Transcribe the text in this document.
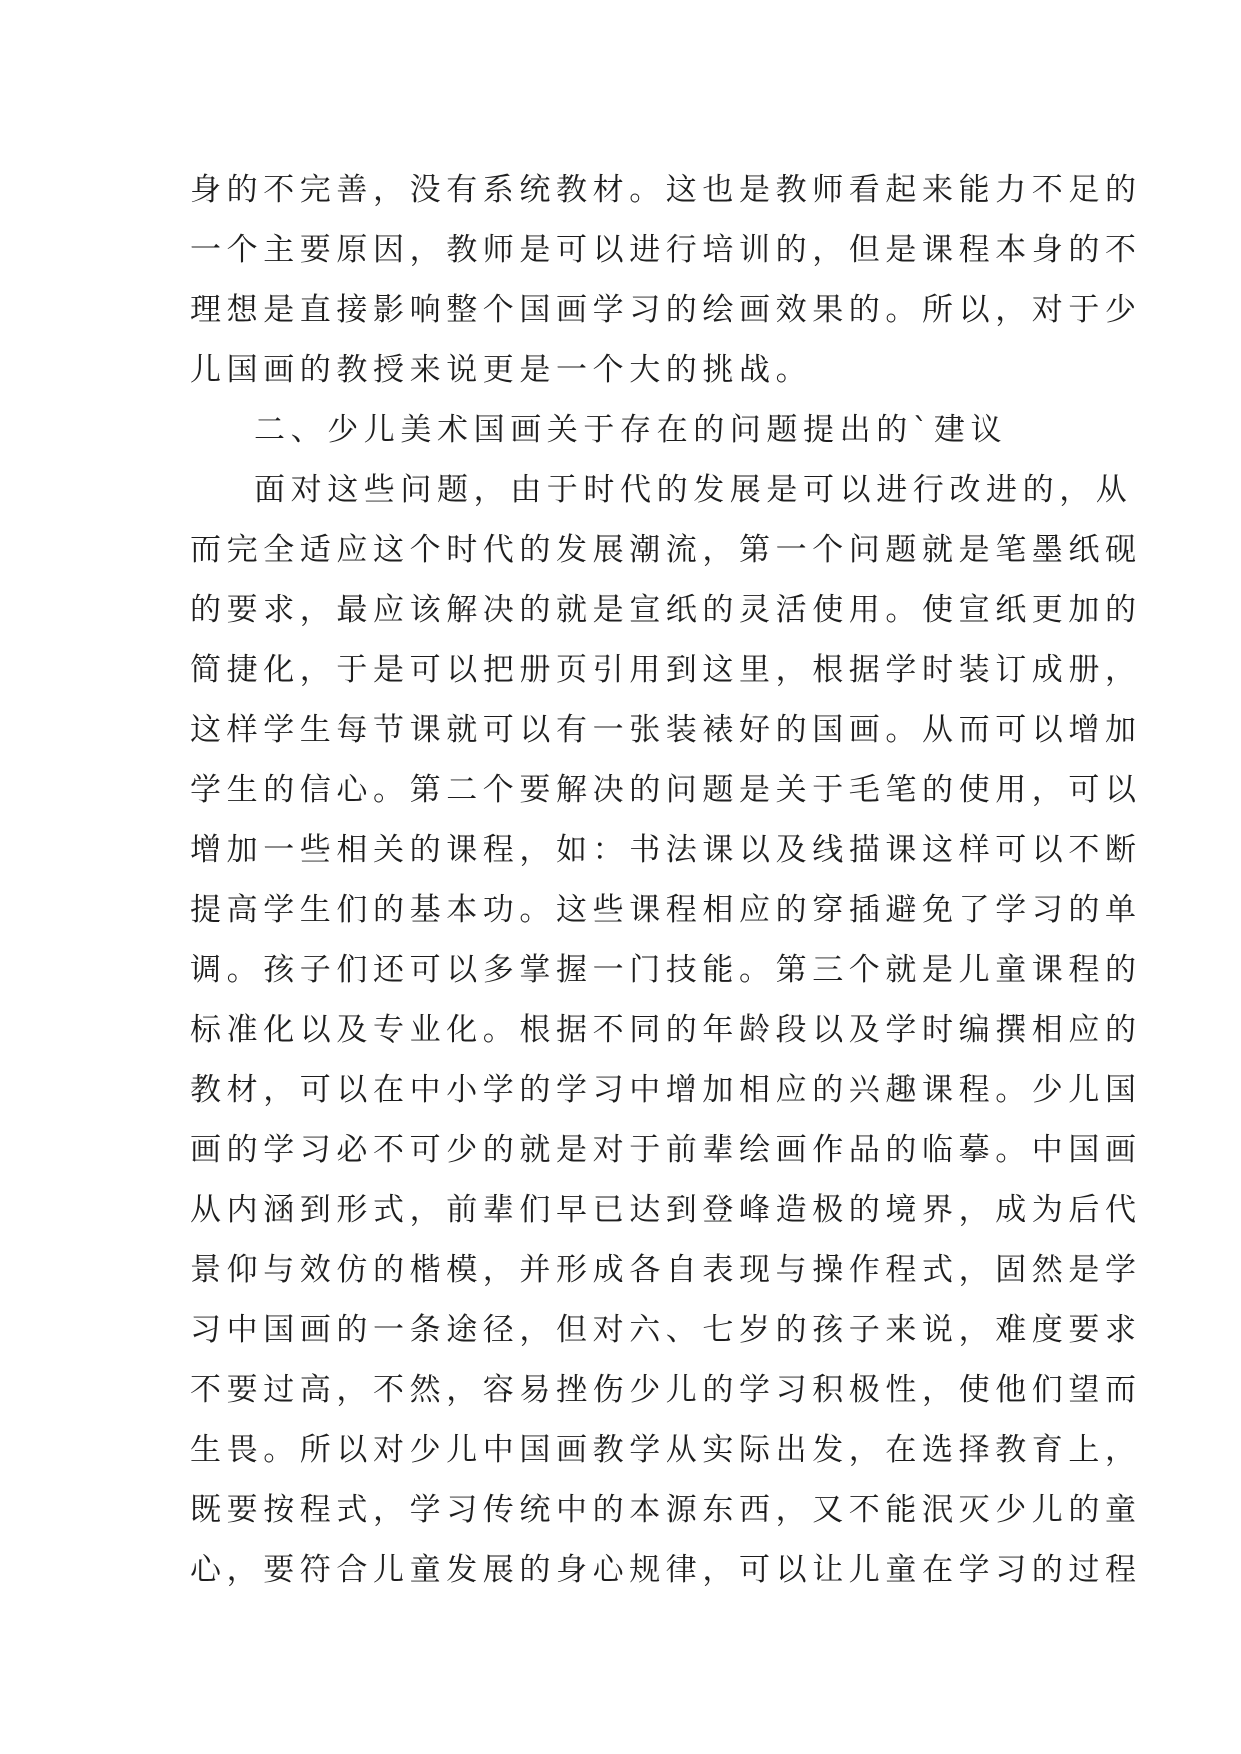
身的不完善，没有系统教材。这也是教师看起来能力不足的
一个主要原因，教师是可以进行培训的，但是课程本身的不
理想是直接影响整个国画学习的绘画效果的。所以，对于少
儿国画的教授来说更是一个大的挑战。
二、少儿美术国画关于存在的问题提出的`建议
面对这些问题，由于时代的发展是可以进行改进的，从
而完全适应这个时代的发展潮流，第一个问题就是笔墨纸砚
的要求，最应该解决的就是宣纸的灵活使用。使宣纸更加的
简捷化，于是可以把册页引用到这里，根据学时装订成册，
这样学生每节课就可以有一张装裱好的国画。从而可以增加
学生的信心。第二个要解决的问题是关于毛笔的使用，可以
增加一些相关的课程，如：书法课以及线描课这样可以不断
提高学生们的基本功。这些课程相应的穿插避免了学习的单
调。孩子们还可以多掌握一门技能。第三个就是儿童课程的
标准化以及专业化。根据不同的年龄段以及学时编撰相应的
教材，可以在中小学的学习中增加相应的兴趣课程。少儿国
画的学习必不可少的就是对于前辈绘画作品的临摹。中国画
从内涵到形式，前辈们早已达到登峰造极的境界，成为后代
景仰与效仿的楷模，并形成各自表现与操作程式，固然是学
习中国画的一条途径，但对六、七岁的孩子来说，难度要求
不要过高，不然，容易挫伤少儿的学习积极性，使他们望而
生畏。所以对少儿中国画教学从实际出发，在选择教育上，
既要按程式，学习传统中的本源东西，又不能泯灭少儿的童
心，要符合儿童发展的身心规律，可以让儿童在学习的过程
